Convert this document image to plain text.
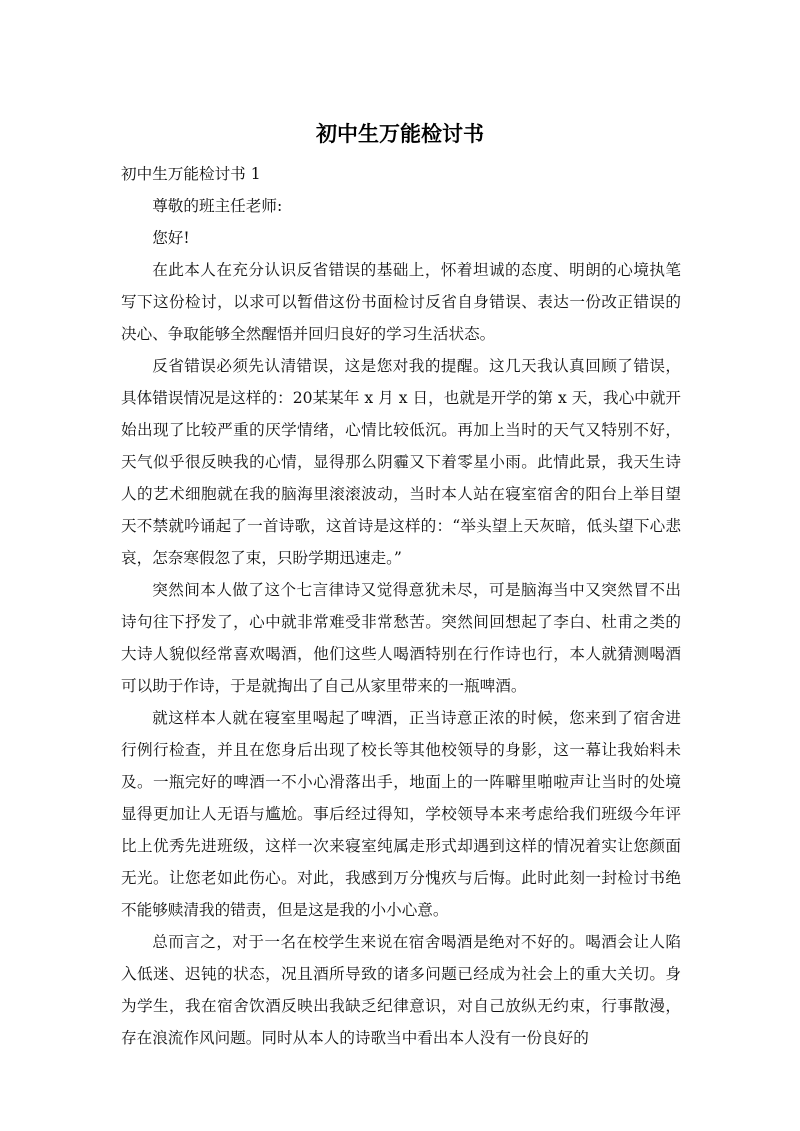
初中生万能检讨书

初中生万能检讨书 1

尊敬的班主任老师:

您好!

在此本人在充分认识反省错误的基础上，怀着坦诚的态度、明朗的心境执笔写下这份检讨，以求可以暂借这份书面检讨反省自身错误、表达一份改正错误的决心、争取能够全然醒悟并回归良好的学习生活状态。

反省错误必须先认清错误，这是您对我的提醒。这几天我认真回顾了错误，具体错误情况是这样的：20某某年 x 月 x 日，也就是开学的第 x 天，我心中就开始出现了比较严重的厌学情绪，心情比较低沉。再加上当时的天气又特别不好，天气似乎很反映我的心情，显得那么阴霾又下着零星小雨。此情此景，我天生诗人的艺术细胞就在我的脑海里滚滚波动，当时本人站在寝室宿舍的阳台上举目望天不禁就吟诵起了一首诗歌，这首诗是这样的：“举头望上天灰暗，低头望下心悲哀，怎奈寒假忽了束，只盼学期迅速走。”

突然间本人做了这个七言律诗又觉得意犹未尽，可是脑海当中又突然冒不出诗句往下抒发了，心中就非常难受非常愁苦。突然间回想起了李白、杜甫之类的大诗人貌似经常喜欢喝酒，他们这些人喝酒特别在行作诗也行，本人就猜测喝酒可以助于作诗，于是就掏出了自己从家里带来的一瓶啤酒。

就这样本人就在寝室里喝起了啤酒，正当诗意正浓的时候，您来到了宿舍进行例行检查，并且在您身后出现了校长等其他校领导的身影，这一幕让我始料未及。一瓶完好的啤酒一不小心滑落出手，地面上的一阵噼里啪啦声让当时的处境显得更加让人无语与尴尬。事后经过得知，学校领导本来考虑给我们班级今年评比上优秀先进班级，这样一次来寝室纯属走形式却遇到这样的情况着实让您颜面无光。让您老如此伤心。对此，我感到万分愧疚与后悔。此时此刻一封检讨书绝不能够赎清我的错责，但是这是我的小小心意。

总而言之，对于一名在校学生来说在宿舍喝酒是绝对不好的。喝酒会让人陷入低迷、迟钝的状态，况且酒所导致的诸多问题已经成为社会上的重大关切。身为学生，我在宿舍饮酒反映出我缺乏纪律意识，对自己放纵无约束，行事散漫，存在浪流作风问题。同时从本人的诗歌当中看出本人没有一份良好的
